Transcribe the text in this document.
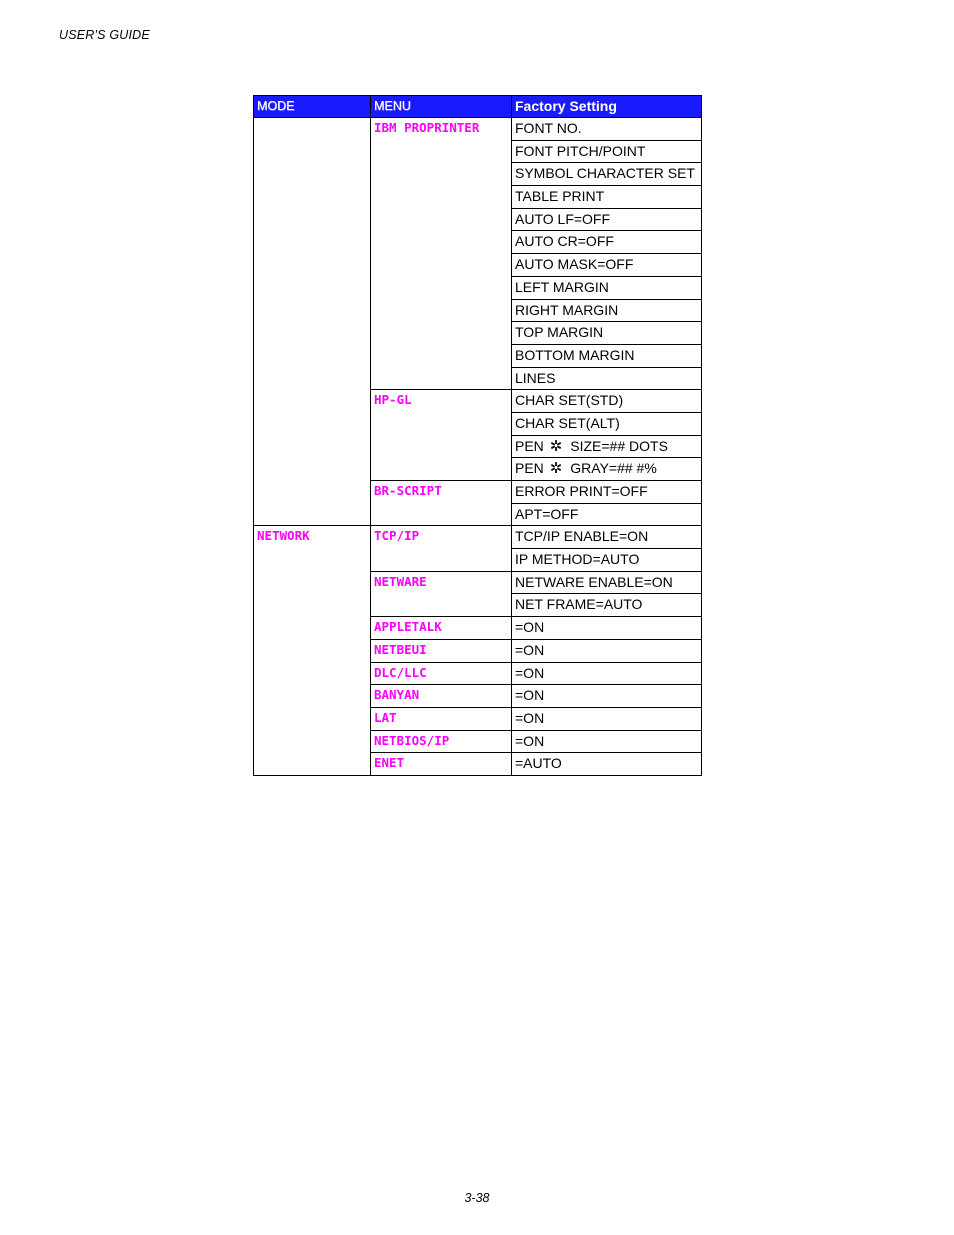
USER'S GUIDE
MODE	MENU	Factory Setting
	IBM PROPRINTER	FONT NO.
		FONT PITCH/POINT
		SYMBOL CHARACTER SET
		TABLE PRINT
		AUTO LF=OFF
		AUTO CR=OFF
		AUTO MASK=OFF
		LEFT MARGIN
		RIGHT MARGIN
		TOP MARGIN
		BOTTOM MARGIN
		LINES
	HP-GL	CHAR SET(STD)
		CHAR SET(ALT)
		PEN ✲ SIZE=## DOTS
		PEN ✲ GRAY=## #%
	BR-SCRIPT	ERROR PRINT=OFF
		APT=OFF
NETWORK	TCP/IP	TCP/IP ENABLE=ON
		IP METHOD=AUTO
	NETWARE	NETWARE ENABLE=ON
		NET FRAME=AUTO
	APPLETALK	=ON
	NETBEUI	=ON
	DLC/LLC	=ON
	BANYAN	=ON
	LAT	=ON
	NETBIOS/IP	=ON
	ENET	=AUTO
3-38
